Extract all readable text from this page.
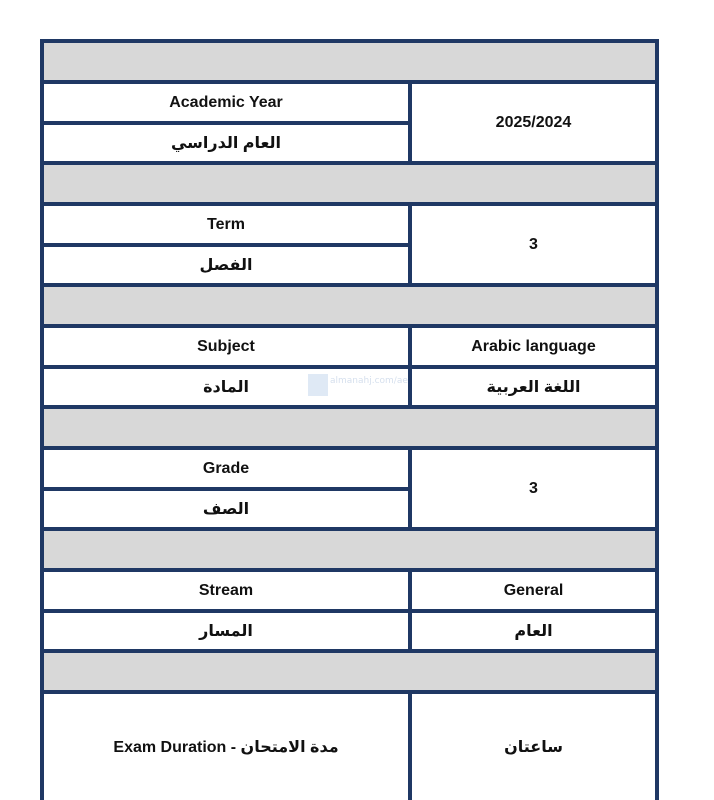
Academic Year
العام الدراسي
2025/2024
Term
الفصل
3
Subject
المادة
Arabic language
اللغة العربية
Grade
الصف
3
Stream
المسار
General
العام
Exam Duration - مدة الامتحان	ساعتان
almanahj.com/ae
